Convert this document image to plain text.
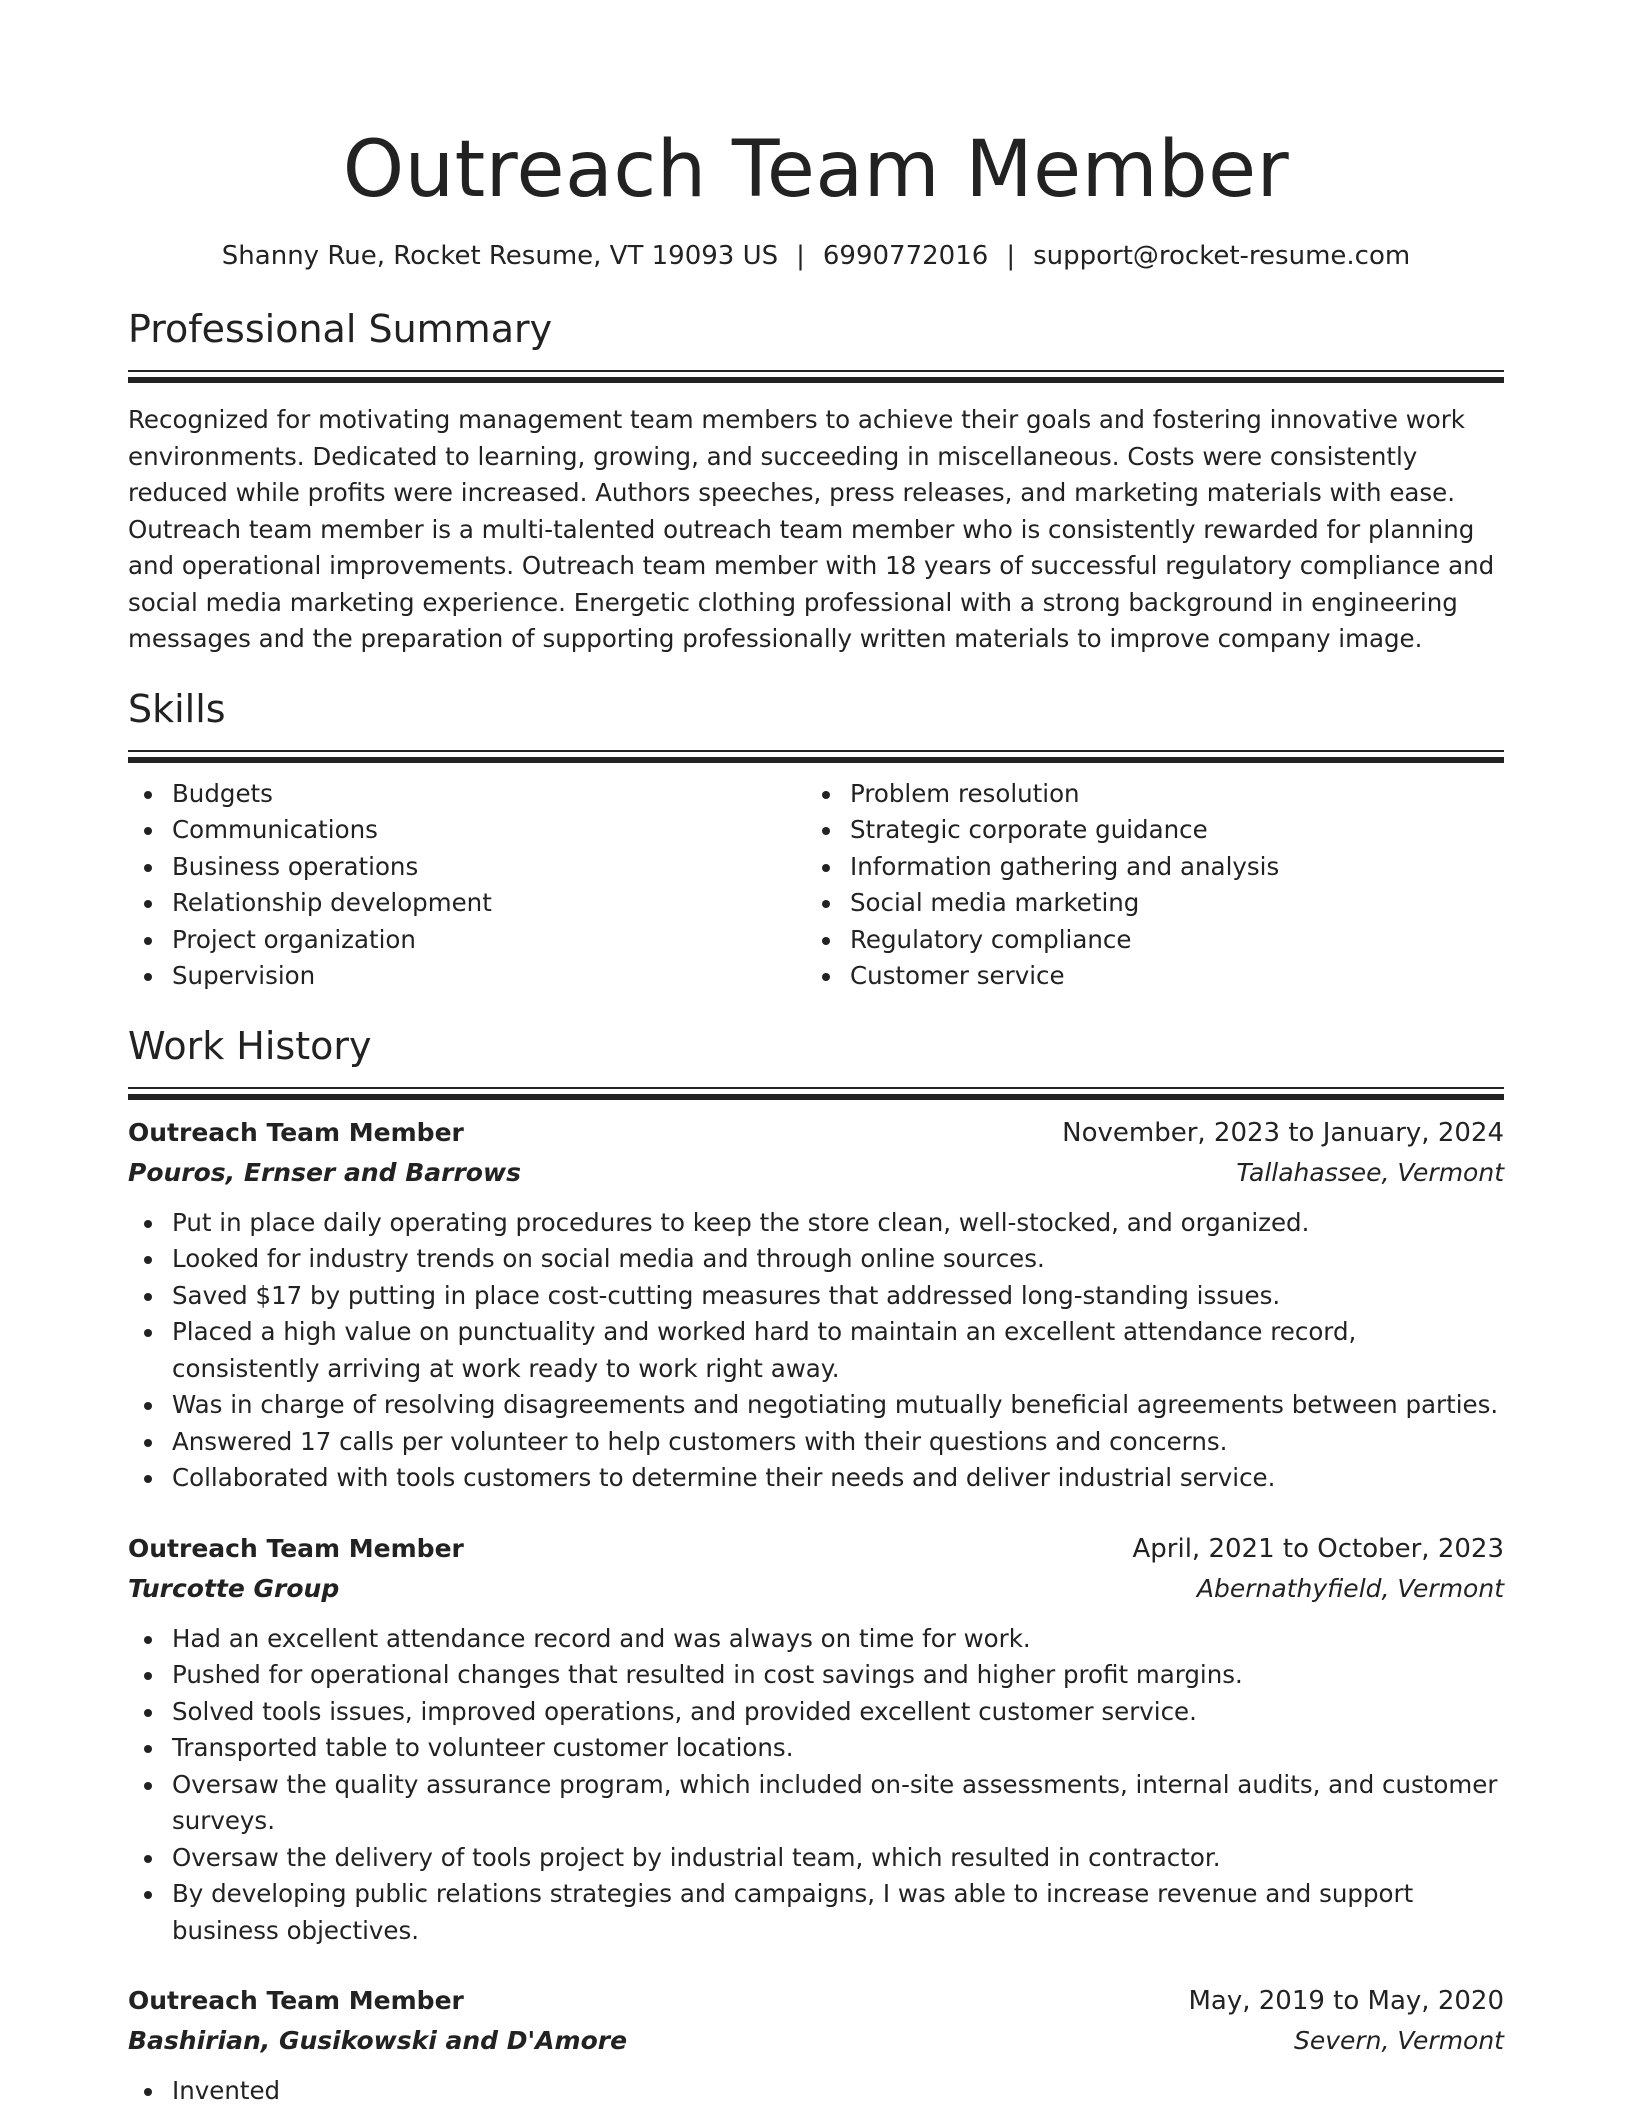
Outreach Team Member
Shanny Rue, Rocket Resume, VT 19093 US | 6990772016 | support@rocket-resume.com
Professional Summary

Recognized for motivating management team members to achieve their goals and fostering innovative work environments. Dedicated to learning, growing, and succeeding in miscellaneous. Costs were consistently reduced while profits were increased. Authors speeches, press releases, and marketing materials with ease. Outreach team member is a multi-talented outreach team member who is consistently rewarded for planning and operational improvements. Outreach team member with 18 years of successful regulatory compliance and social media marketing experience. Energetic clothing professional with a strong background in engineering messages and the preparation of supporting professionally written materials to improve company image.

Skills
Budgets
Communications
Business operations
Relationship development
Project organization
Supervision
Problem resolution
Strategic corporate guidance
Information gathering and analysis
Social media marketing
Regulatory compliance
Customer service
Work History
Outreach Team Member	November, 2023 to January, 2024
Pouros, Ernser and Barrows	Tallahassee, Vermont
Put in place daily operating procedures to keep the store clean, well-stocked, and organized.
Looked for industry trends on social media and through online sources.
Saved $17 by putting in place cost-cutting measures that addressed long-standing issues.
Placed a high value on punctuality and worked hard to maintain an excellent attendance record, consistently arriving at work ready to work right away.
Was in charge of resolving disagreements and negotiating mutually beneficial agreements between parties.
Answered 17 calls per volunteer to help customers with their questions and concerns.
Collaborated with tools customers to determine their needs and deliver industrial service.
Outreach Team Member	April, 2021 to October, 2023
Turcotte Group	Abernathyfield, Vermont
Had an excellent attendance record and was always on time for work.
Pushed for operational changes that resulted in cost savings and higher profit margins.
Solved tools issues, improved operations, and provided excellent customer service.
Transported table to volunteer customer locations.
Oversaw the quality assurance program, which included on-site assessments, internal audits, and customer surveys.
Oversaw the delivery of tools project by industrial team, which resulted in contractor.
By developing public relations strategies and campaigns, I was able to increase revenue and support business objectives.
Outreach Team Member	May, 2019 to May, 2020
Bashirian, Gusikowski and D'Amore	Severn, Vermont
Invented
